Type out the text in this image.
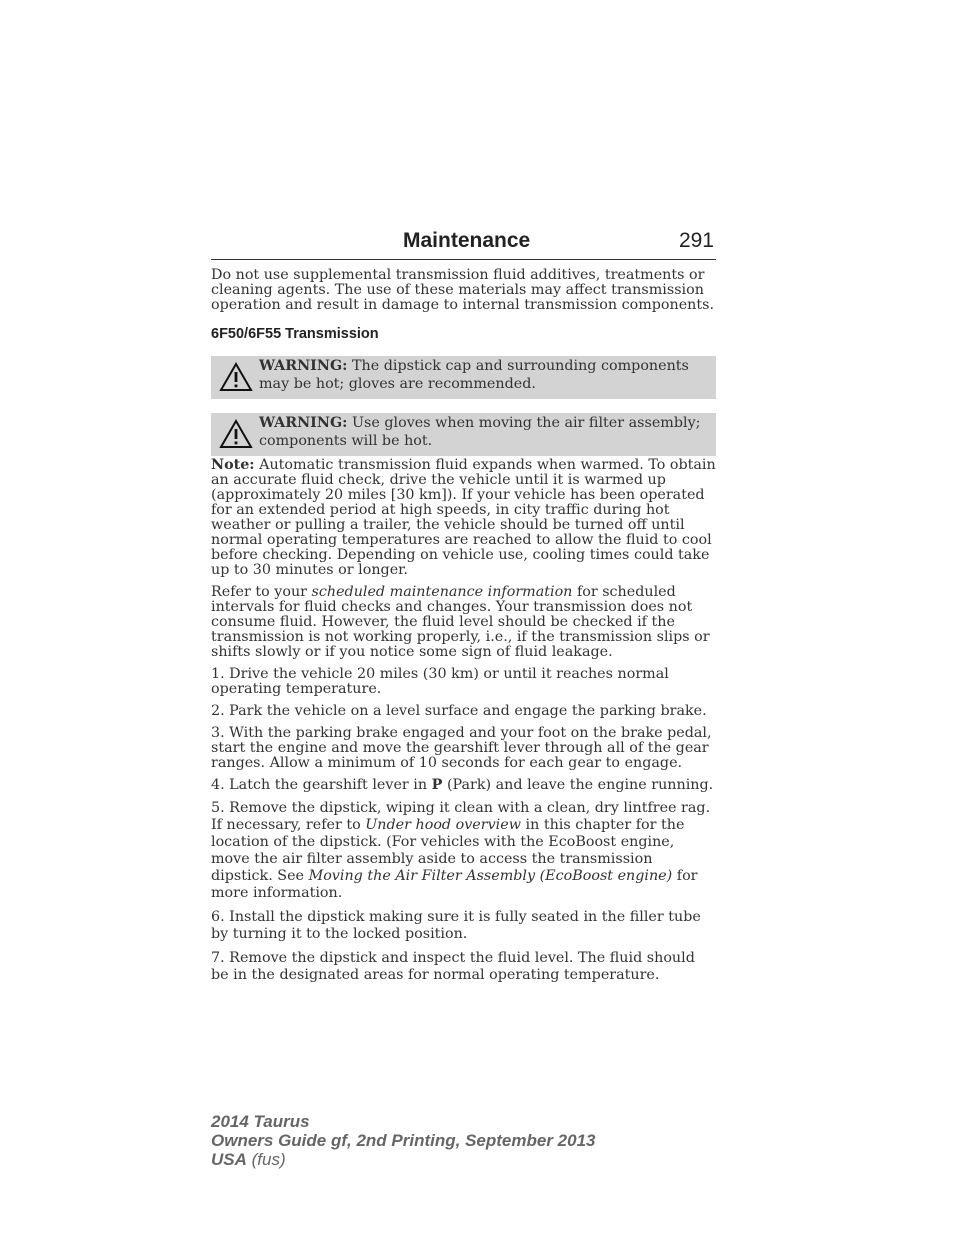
Maintenance	291

Do not use supplemental transmission fluid additives, treatments or cleaning agents. The use of these materials may affect transmission operation and result in damage to internal transmission components.

6F50/6F55 Transmission
WARNING: The dipstick cap and surrounding components may be hot; gloves are recommended.
WARNING: Use gloves when moving the air filter assembly; components will be hot.

Note: Automatic transmission fluid expands when warmed. To obtain an accurate fluid check, drive the vehicle until it is warmed up (approximately 20 miles [30 km]). If your vehicle has been operated for an extended period at high speeds, in city traffic during hot weather or pulling a trailer, the vehicle should be turned off until normal operating temperatures are reached to allow the fluid to cool before checking. Depending on vehicle use, cooling times could take up to 30 minutes or longer.

Refer to your scheduled maintenance information for scheduled intervals for fluid checks and changes. Your transmission does not consume fluid. However, the fluid level should be checked if the transmission is not working properly, i.e., if the transmission slips or shifts slowly or if you notice some sign of fluid leakage.

1. Drive the vehicle 20 miles (30 km) or until it reaches normal operating temperature.

2. Park the vehicle on a level surface and engage the parking brake.

3. With the parking brake engaged and your foot on the brake pedal, start the engine and move the gearshift lever through all of the gear ranges. Allow a minimum of 10 seconds for each gear to engage.

4. Latch the gearshift lever in P (Park) and leave the engine running.

5. Remove the dipstick, wiping it clean with a clean, dry lintfree rag. If necessary, refer to Under hood overview in this chapter for the location of the dipstick. (For vehicles with the EcoBoost engine, move the air filter assembly aside to access the transmission dipstick. See Moving the Air Filter Assembly (EcoBoost engine) for more information.

6. Install the dipstick making sure it is fully seated in the filler tube by turning it to the locked position.

7. Remove the dipstick and inspect the fluid level. The fluid should be in the designated areas for normal operating temperature.

2014 Taurus
Owners Guide gf, 2nd Printing, September 2013
USA (fus)
